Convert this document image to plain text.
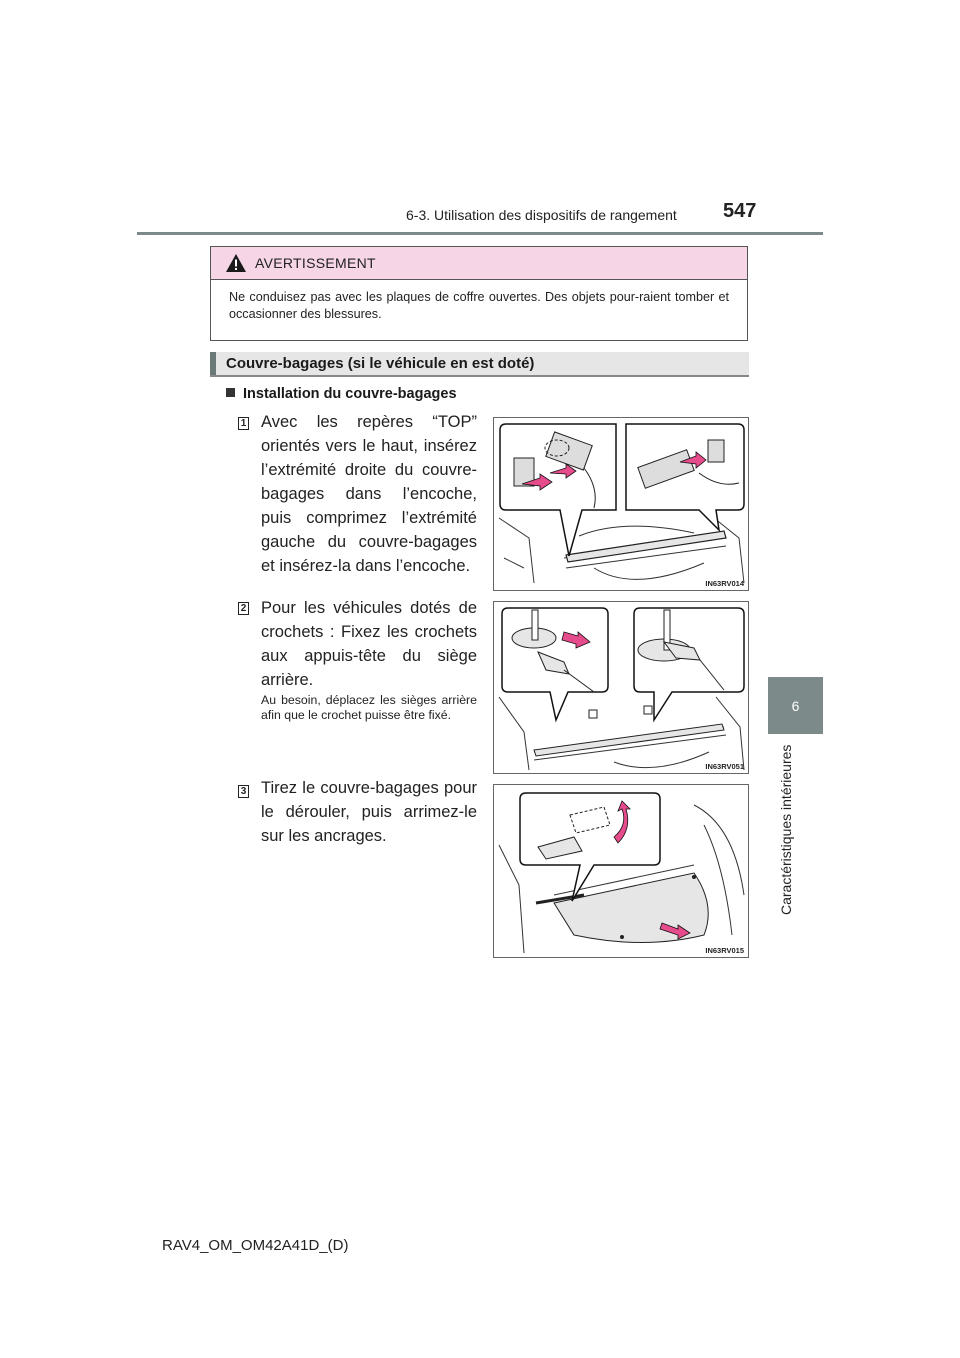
6-3. Utilisation des dispositifs de rangement 547
6
Caractéristiques intérieures
AVERTISSEMENT
Ne conduisez pas avec les plaques de coffre ouvertes. Des objets pour-raient tomber et occasionner des blessures.
Couvre-bagages (si le véhicule en est doté)
Installation du couvre-bagages
1 Avec les repères “TOP” orientés vers le haut, insérez l’extrémité droite du couvre-bagages dans l’encoche, puis comprimez l’extrémité gauche du couvre-bagages et insérez-la dans l’encoche.
IN63RV014
2 Pour les véhicules dotés de crochets : Fixez les crochets aux appuis-tête du siège arrière.
Au besoin, déplacez les sièges arrière afin que le crochet puisse être fixé.
IN63RV051
3 Tirez le couvre-bagages pour le dérouler, puis arrimez-le sur les ancrages.
IN63RV015
RAV4_OM_OM42A41D_(D)
